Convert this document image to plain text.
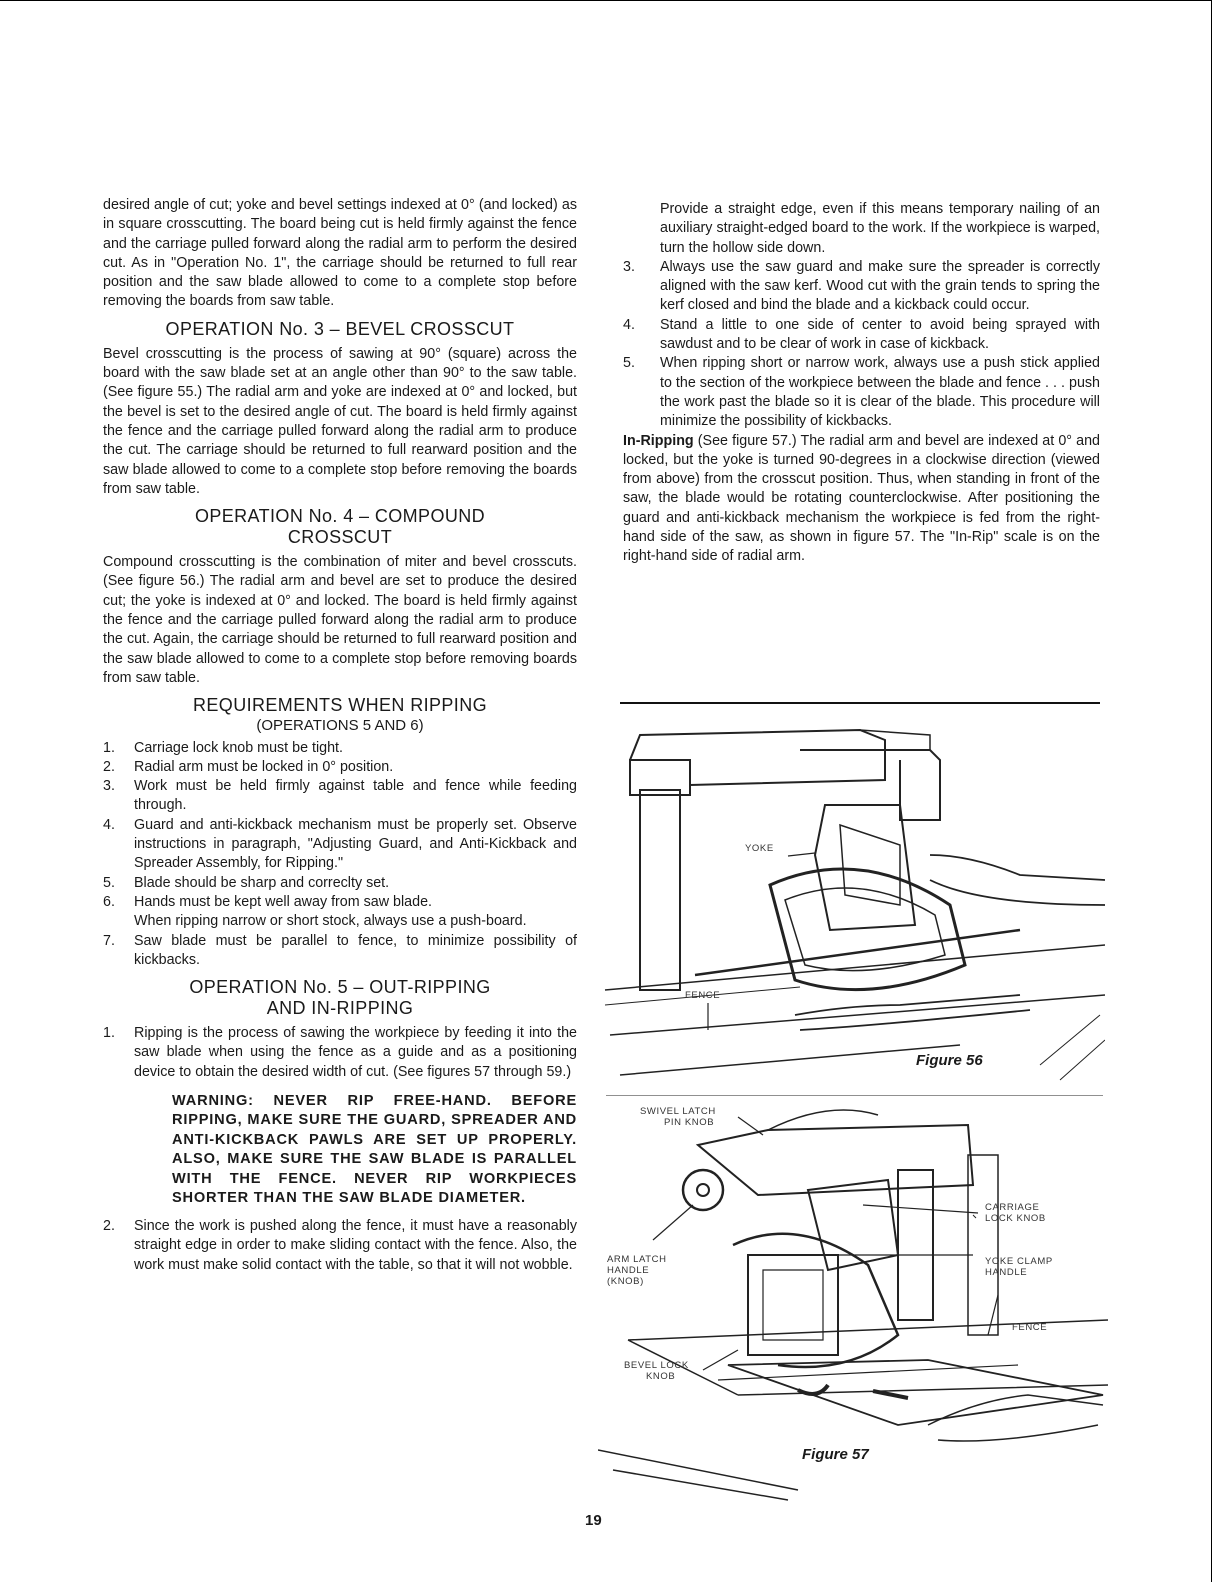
desired angle of cut; yoke and bevel settings indexed at 0° (and locked) as in square crosscutting. The board being cut is held firmly against the fence and the carriage pulled forward along the radial arm to perform the desired cut. As in "Operation No. 1", the carriage should be returned to full rear position and the saw blade allowed to come to a complete stop before removing the boards from saw table.

OPERATION No. 3 – BEVEL CROSSCUT

Bevel crosscutting is the process of sawing at 90° (square) across the board with the saw blade set at an angle other than 90° to the saw table. (See figure 55.) The radial arm and yoke are indexed at 0° and locked, but the bevel is set to the desired angle of cut. The board is held firmly against the fence and the carriage pulled forward along the radial arm to produce the cut. The carriage should be returned to full rearward position and the saw blade allowed to come to a complete stop before removing the boards from saw table.

OPERATION No. 4 – COMPOUND
CROSSCUT

Compound crosscutting is the combination of miter and bevel crosscuts. (See figure 56.) The radial arm and bevel are set to produce the desired cut; the yoke is indexed at 0° and locked. The board is held firmly against the fence and the carriage pulled forward along the radial arm to produce the cut. Again, the carriage should be returned to full rearward position and the saw blade allowed to come to a complete stop before removing boards from saw table.

REQUIREMENTS WHEN RIPPING
(OPERATIONS 5 AND 6)
1. Carriage lock knob must be tight.
2. Radial arm must be locked in 0° position.
3. Work must be held firmly against table and fence while feeding through.
4. Guard and anti-kickback mechanism must be properly set. Observe instructions in paragraph, "Adjusting Guard, and Anti-Kickback and Spreader Assembly, for Ripping."
5. Blade should be sharp and correclty set.
6. Hands must be kept well away from saw blade.
When ripping narrow or short stock, always use a push-board.
7. Saw blade must be parallel to fence, to minimize possibility of kickbacks.
OPERATION No. 5 – OUT-RIPPING
AND IN-RIPPING
1. Ripping is the process of sawing the workpiece by feeding it into the saw blade when using the fence as a guide and as a positioning device to obtain the desired width of cut. (See figures 57 through 59.)
WARNING: NEVER RIP FREE-HAND. BEFORE RIPPING, MAKE SURE THE GUARD, SPREADER AND ANTI-KICKBACK PAWLS ARE SET UP PROPERLY. ALSO, MAKE SURE THE SAW BLADE IS PARALLEL WITH THE FENCE. NEVER RIP WORKPIECES SHORTER THAN THE SAW BLADE DIAMETER.
2. Since the work is pushed along the fence, it must have a reasonably straight edge in order to make sliding contact with the fence. Also, the work must make solid contact with the table, so that it will not wobble.

Provide a straight edge, even if this means temporary nailing of an auxiliary straight-edged board to the work. If the workpiece is warped, turn the hollow side down.

3. Always use the saw guard and make sure the spreader is correctly aligned with the saw kerf. Wood cut with the grain tends to spring the kerf closed and bind the blade and a kickback could occur.
4. Stand a little to one side of center to avoid being sprayed with sawdust and to be clear of work in case of kickback.
5. When ripping short or narrow work, always use a push stick applied to the section of the workpiece between the blade and fence . . . push the work past the blade so it is clear of the blade. This procedure will minimize the possibility of kickbacks.

In-Ripping (See figure 57.) The radial arm and bevel are indexed at 0° and locked, but the yoke is turned 90-degrees in a clockwise direction (viewed from above) from the crosscut position. Thus, when standing in front of the saw, the blade would be rotating counterclockwise. After positioning the guard and anti-kickback mechanism the workpiece is fed from the right-hand side of the saw, as shown in figure 57. The "In-Rip" scale is on the right-hand side of radial arm.

YOKE
FENCE
Figure 56
SWIVEL LATCH
PIN KNOB
CARRIAGE
LOCK KNOB
ARM LATCH
HANDLE
(KNOB)
YOKE CLAMP
HANDLE
FENCE
BEVEL LOCK
KNOB
Figure 57
19
